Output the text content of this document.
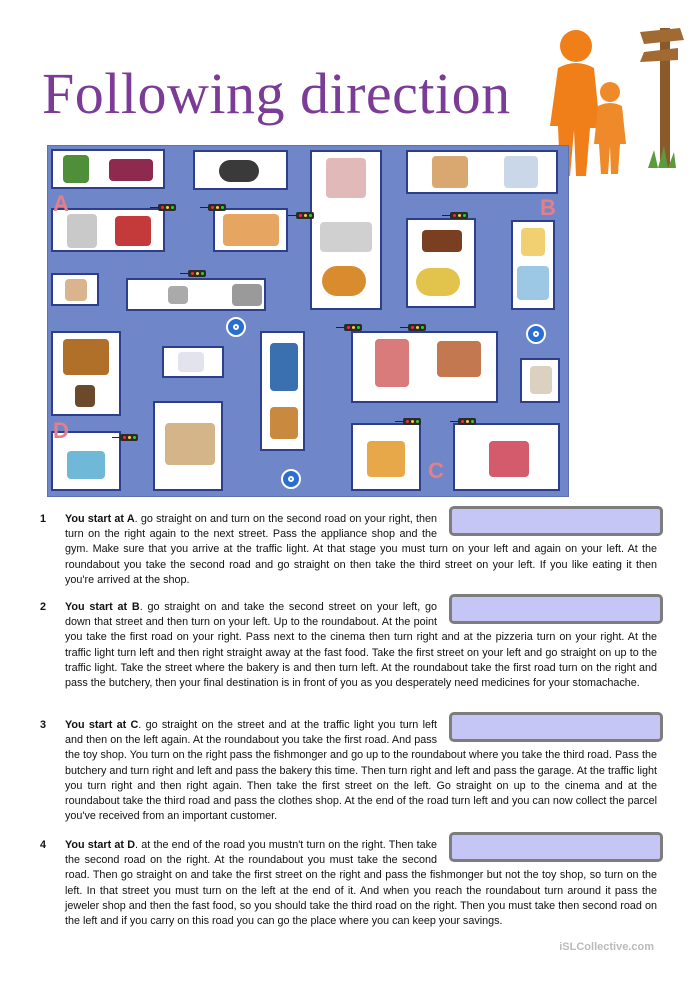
Following direction
A	B
C
D
1 You start at A. go straight on and turn on the second road on your right, then turn on the right again to the next street. Pass the appliance shop and the gym. Make sure that you arrive at the traffic light. At that stage you must turn on your left and again on your left. At the roundabout you take the second road and go straight on then take the third street on your left. If you like eating it then you're arrived at the shop.
2 You start at B. go straight on and take the second street on your left, go down that street and then turn on your left. Up to the roundabout. At the point you take the first road on your right. Pass next to the cinema then turn right and at the pizzeria turn on your right. At the traffic light turn left and then right straight away at the fast food. Take the first street on your left and go straight on up to the traffic light. Take the street where the bakery is and then turn left. At the roundabout take the first road turn on the right and pass the butchery, then your final destination is in front of you as you desperately need medicines for your stomachache.
3 You start at C. go straight on the street and at the traffic light you turn left and then on the left again. At the roundabout you take the first road. And pass the toy shop. You turn on the right pass the fishmonger and go up to the roundabout where you take the third road. Pass the butchery and turn right and left and pass the bakery this time. Then turn right and left and pass the garage. At the traffic light you turn right and then right again. Then take the first street on the left. Go straight on up to the cinema and at the roundabout take the third road and pass the clothes shop. At the end of the road turn left and you can now collect the parcel you've received from an important customer.
4 You start at D. at the end of the road you mustn't turn on the right. Then take the second road on the right. At the roundabout you must take the second road. Then go straight on and take the first street on the right and pass the fishmonger but not the toy shop, so turn on the left. In that street you must turn on the left at the end of it. And when you reach the roundabout turn around it pass the jeweler shop and then the fast food, so you should take the third road on the right. Then you must take then second road on the left and if you carry on this road you can go the place where you can keep your savings.
iSLCollective.com
